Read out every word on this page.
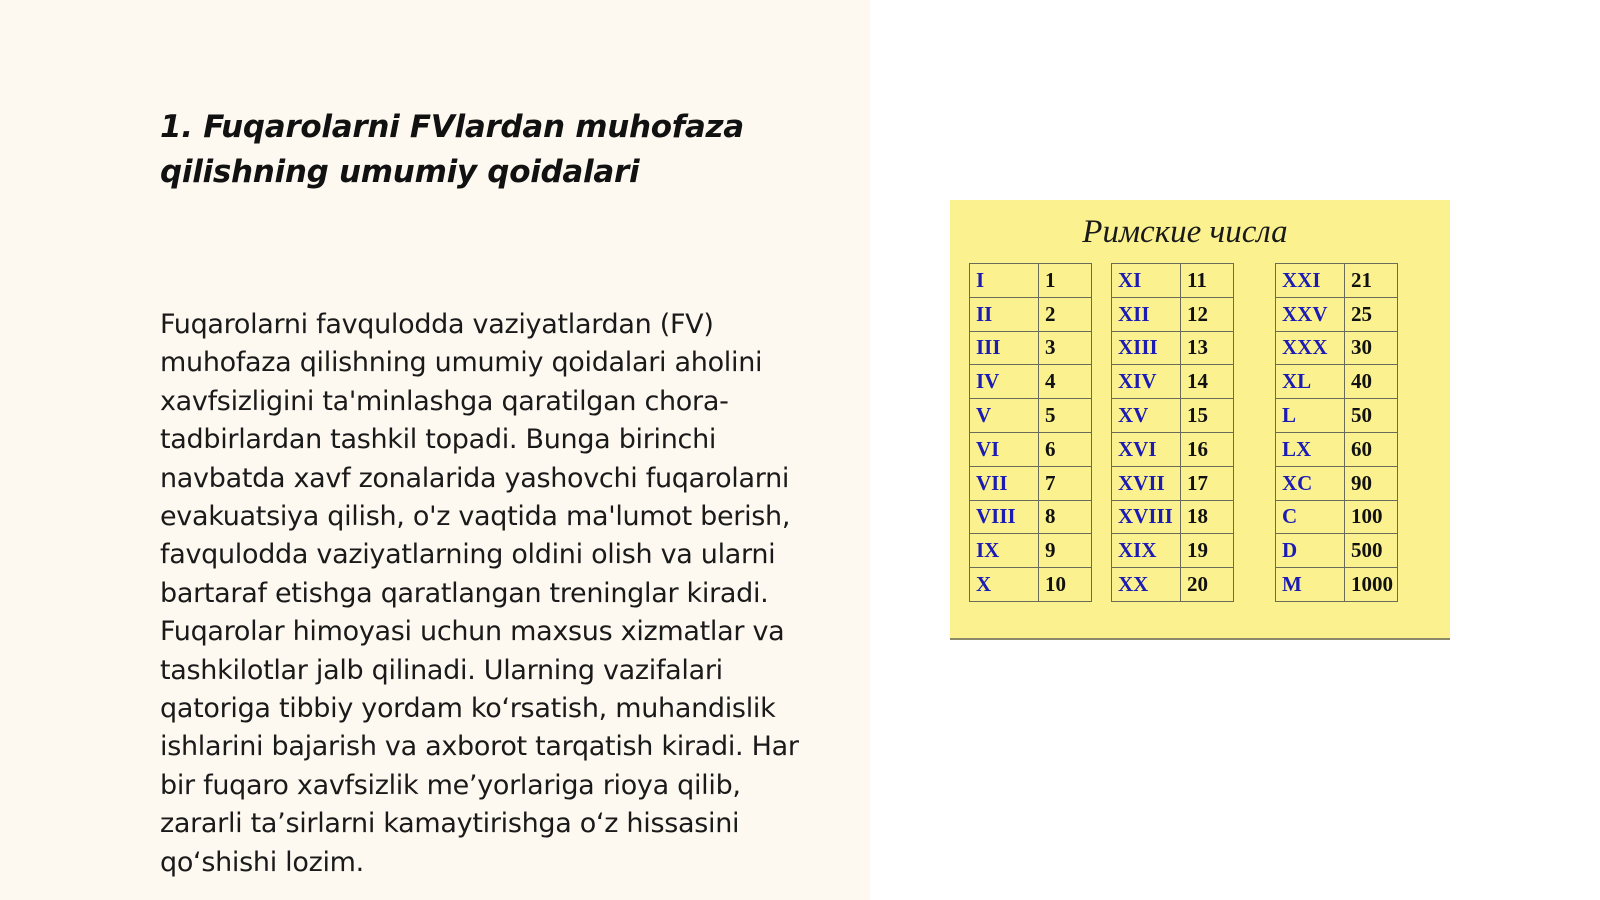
1. Fuqarolarni FVlardan muhofaza qilishning umumiy qoidalari

Fuqarolarni favqulodda vaziyatlardan (FV) muhofaza qilishning umumiy qoidalari aholini xavfsizligini ta'minlashga qaratilgan chora-tadbirlardan tashkil topadi. Bunga birinchi navbatda xavf zonalarida yashovchi fuqarolarni evakuatsiya qilish, o'z vaqtida ma'lumot berish, favqulodda vaziyatlarning oldini olish va ularni bartaraf etishga qaratlangan treninglar kiradi. Fuqarolar himoyasi uchun maxsus xizmatlar va tashkilotlar jalb qilinadi. Ularning vazifalari qatoriga tibbiy yordam ko‘rsatish, muhandislik ishlarini bajarish va axborot tarqatish kiradi. Har bir fuqaro xavfsizlik me’yorlariga rioya qilib, zararli ta’sirlarni kamaytirishga o‘z hissasini qo‘shishi lozim.

Римские числа
I	1
II	2
III	3
IV	4
V	5
VI	6
VII	7
VIII	8
IX	9
X	10
XI	11
XII	12
XIII	13
XIV	14
XV	15
XVI	16
XVII	17
XVIII	18
XIX	19
XX	20
XXI	21
XXV	25
XXX	30
XL	40
L	50
LX	60
XC	90
C	100
D	500
M	1000
